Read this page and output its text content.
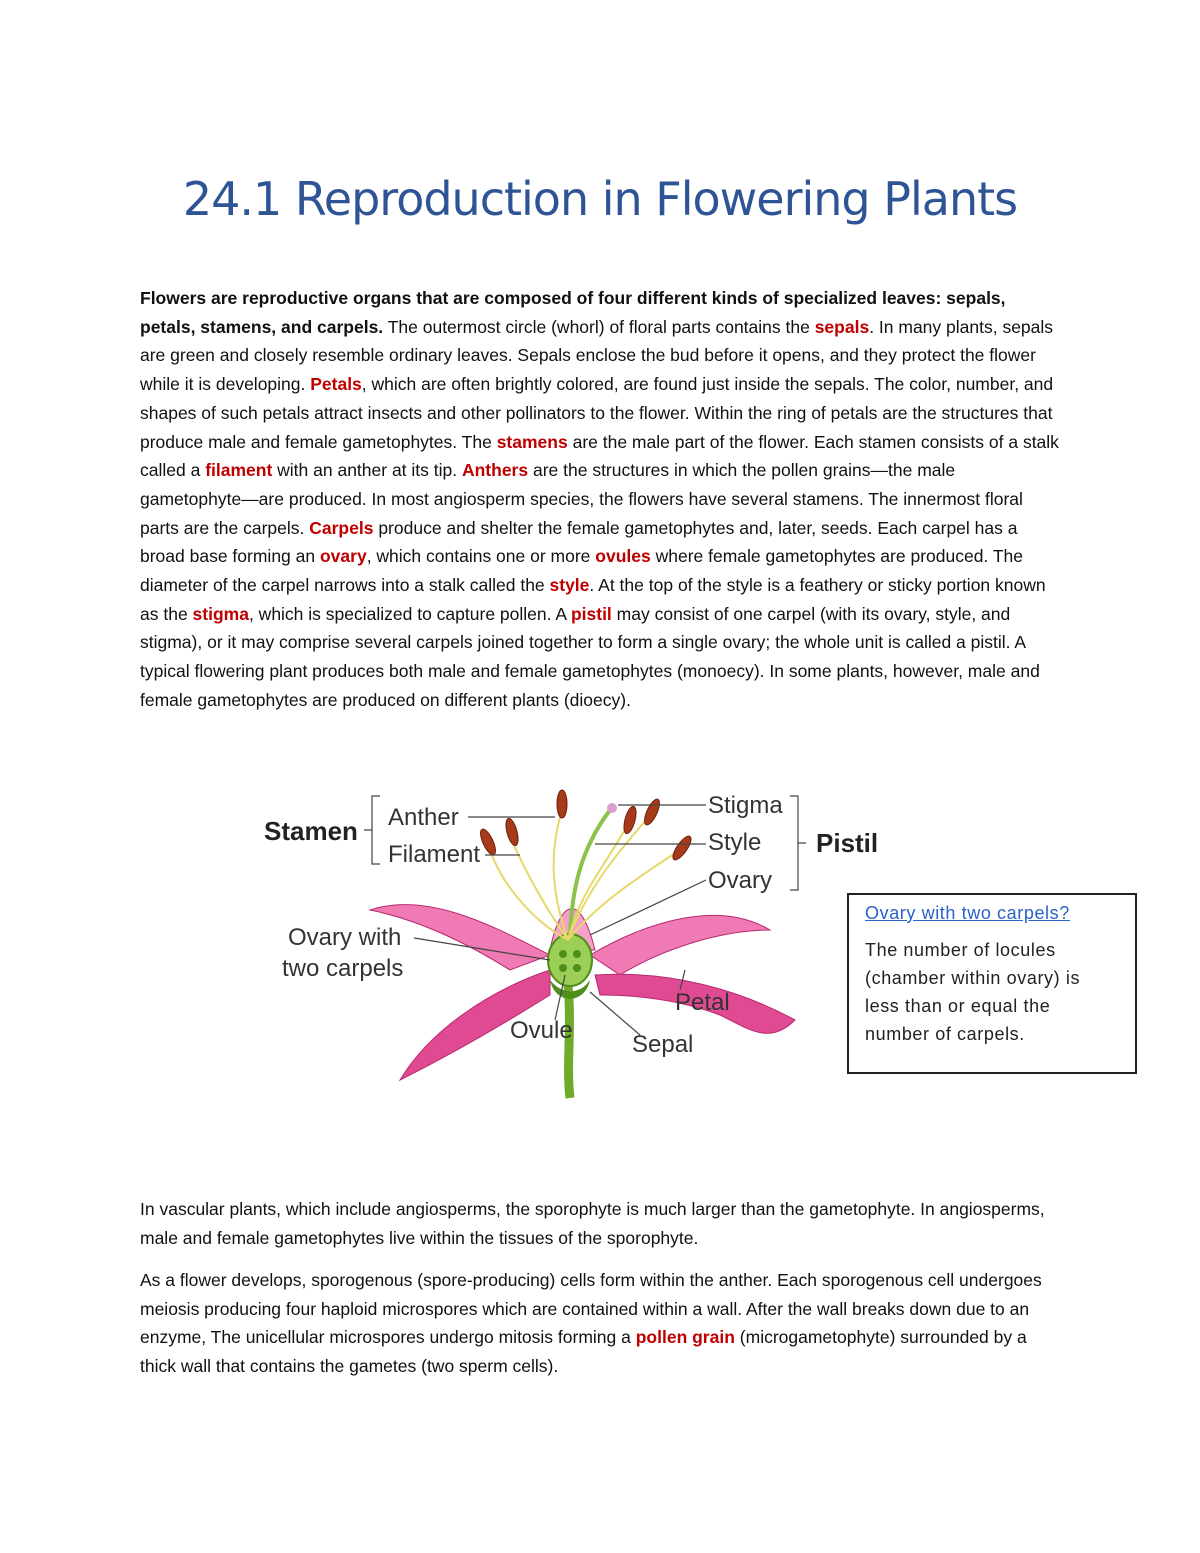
24.1 Reproduction in Flowering Plants

Flowers are reproductive organs that are composed of four different kinds of specialized leaves: sepals, petals, stamens, and carpels. The outermost circle (whorl) of floral parts contains the sepals. In many plants, sepals are green and closely resemble ordinary leaves. Sepals enclose the bud before it opens, and they protect the flower while it is developing. Petals, which are often brightly colored, are found just inside the sepals. The color, number, and shapes of such petals attract insects and other pollinators to the flower. Within the ring of petals are the structures that produce male and female gametophytes. The stamens are the male part of the flower. Each stamen consists of a stalk called a filament with an anther at its tip. Anthers are the structures in which the pollen grains—the male gametophyte—are produced. In most angiosperm species, the flowers have several stamens. The innermost floral parts are the carpels. Carpels produce and shelter the female gametophytes and, later, seeds. Each carpel has a broad base forming an ovary, which contains one or more ovules where female gametophytes are produced. The diameter of the carpel narrows into a stalk called the style. At the top of the style is a feathery or sticky portion known as the stigma, which is specialized to capture pollen. A pistil may consist of one carpel (with its ovary, style, and stigma), or it may comprise several carpels joined together to form a single ovary; the whole unit is called a pistil. A typical flowering plant produces both male and female gametophytes (monoecy). In some plants, however, male and female gametophytes are produced on different plants (dioecy).

Stamen Anther
Filament
Stigma
Style
Ovary
Pistil
Ovary with
two carpels
Petal
Ovule
Sepal

Ovary with two carpels?

The number of locules (chamber within ovary) is less than or equal the number of carpels.

In vascular plants, which include angiosperms, the sporophyte is much larger than the gametophyte. In angiosperms, male and female gametophytes live within the tissues of the sporophyte.

As a flower develops, sporogenous (spore-producing) cells form within the anther. Each sporogenous cell undergoes meiosis producing four haploid microspores which are contained within a wall. After the wall breaks down due to an enzyme, The unicellular microspores undergo mitosis forming a pollen grain (microgametophyte) surrounded by a thick wall that contains the gametes (two sperm cells).
